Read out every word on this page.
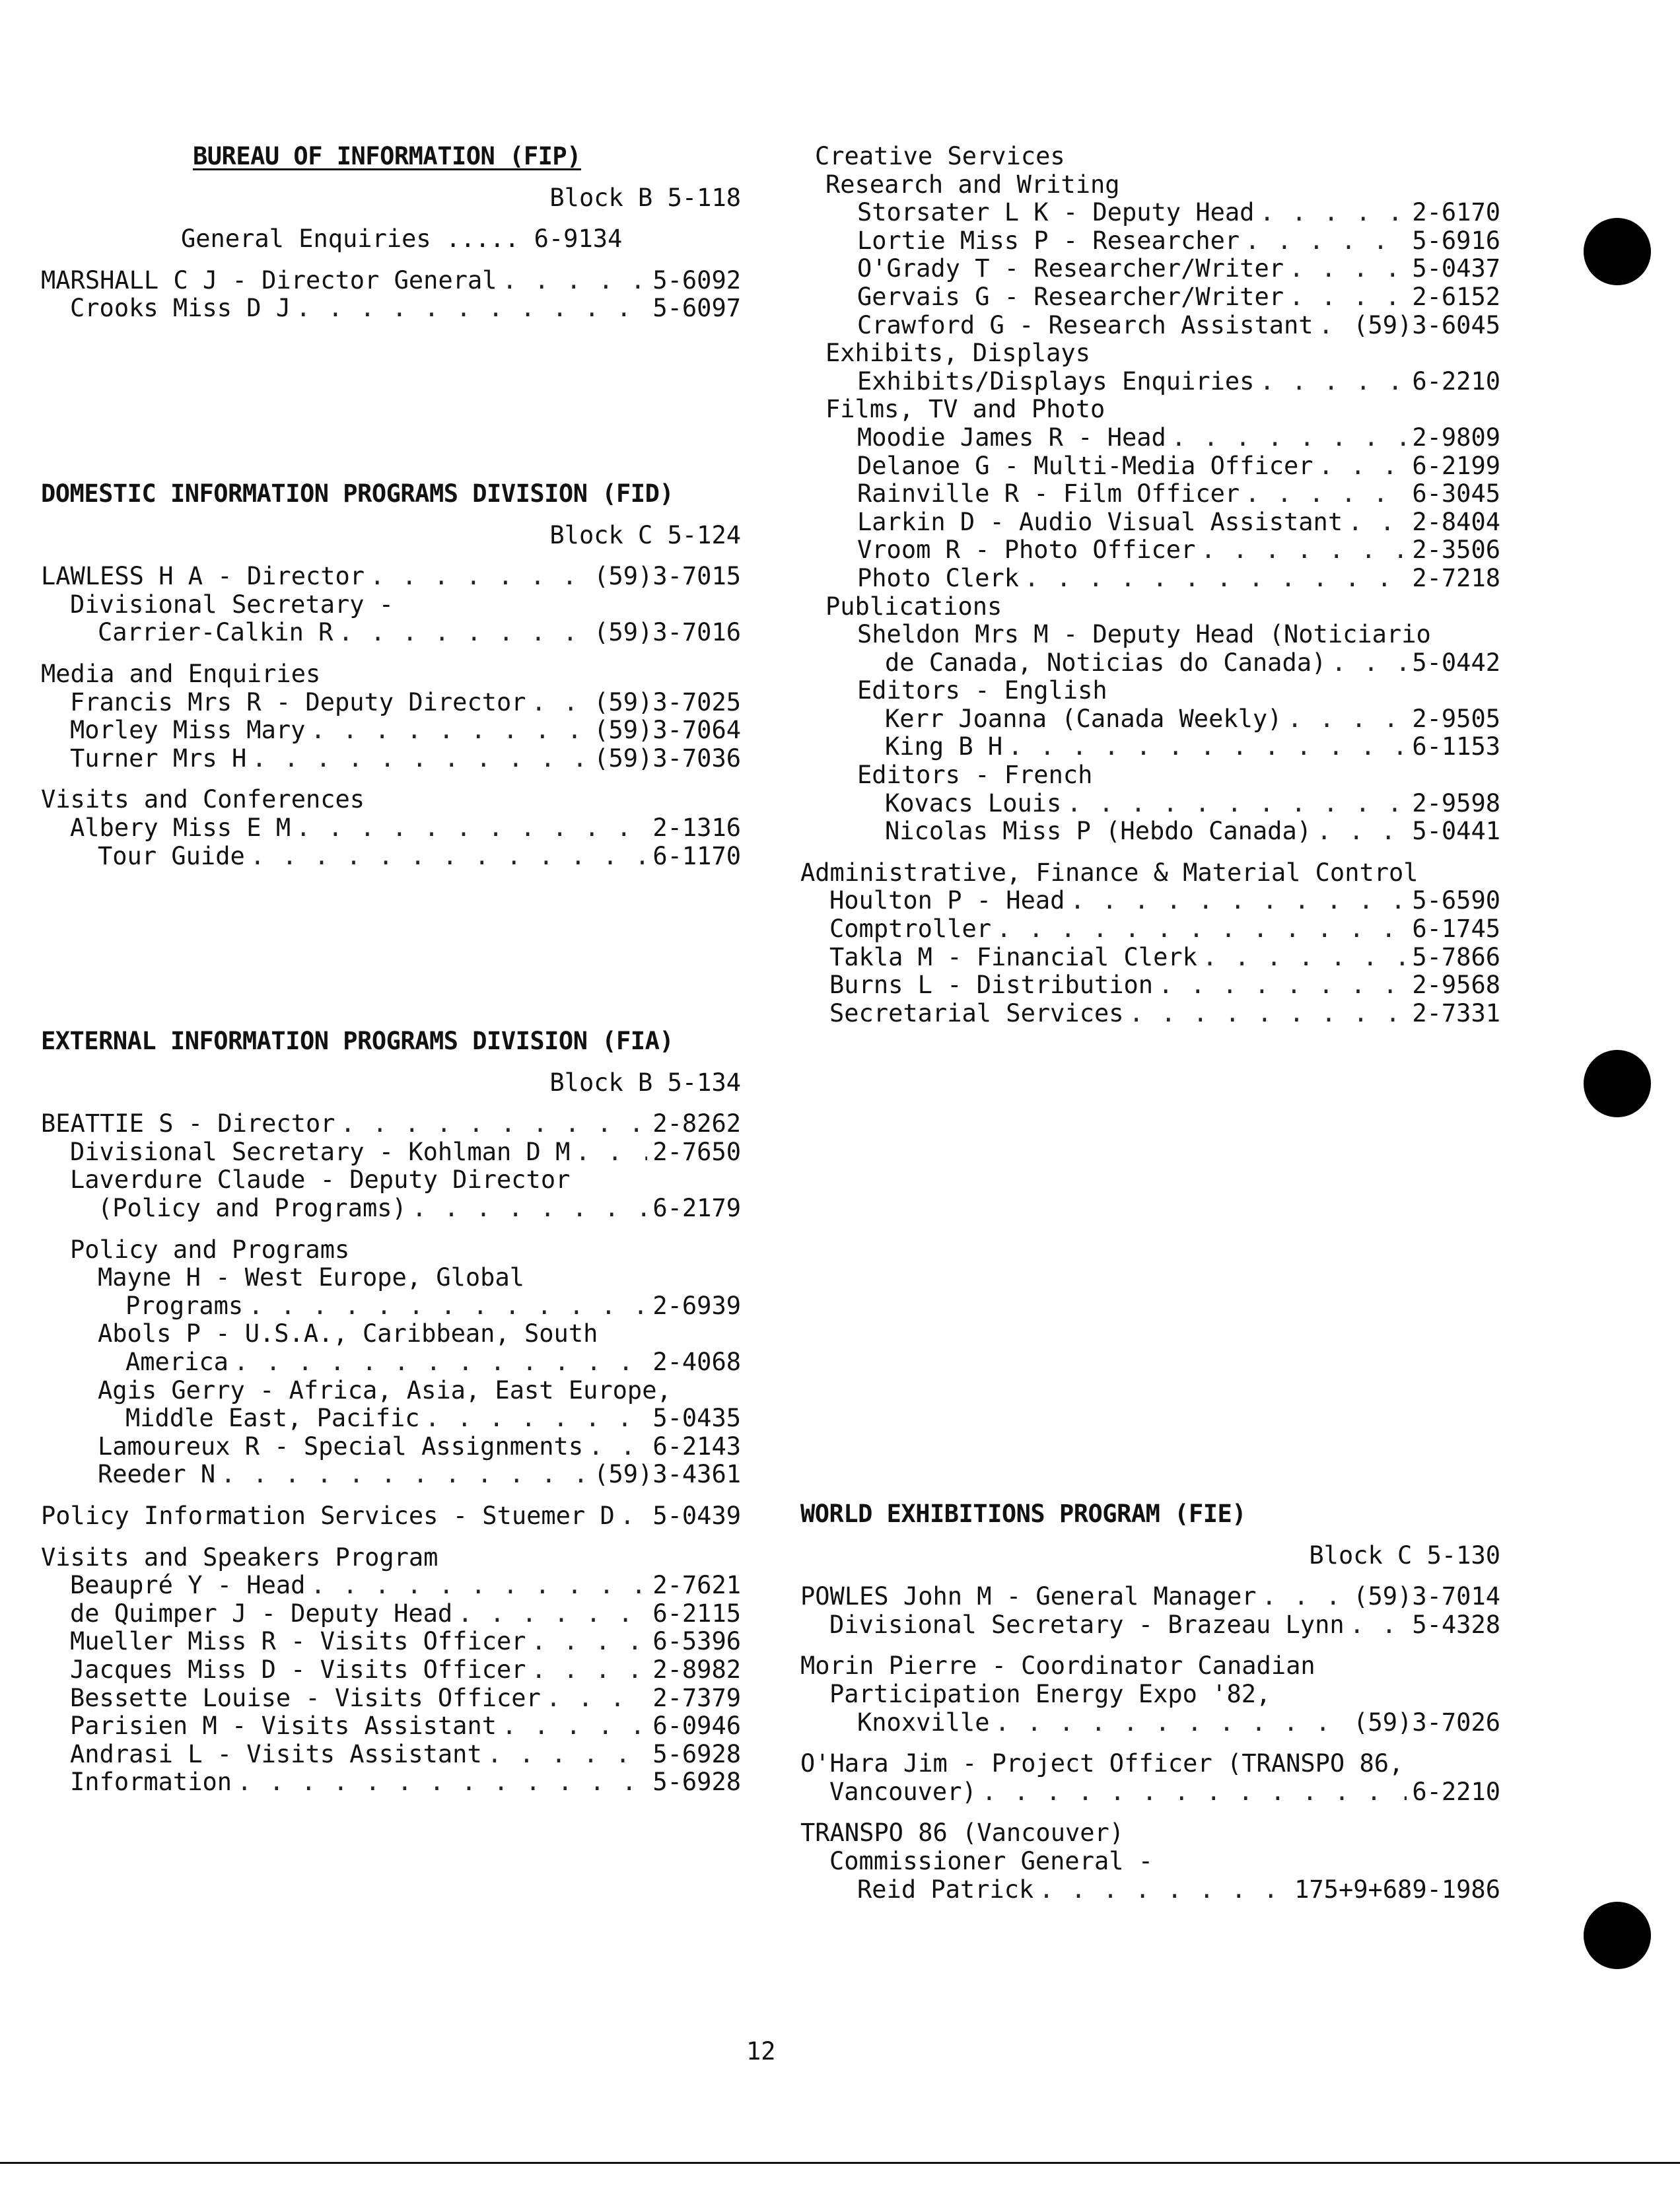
BUREAU OF INFORMATION (FIP)
Block B 5-118
General Enquiries ..... 6-9134
MARSHALL C J - Director General . . .	5-6092
Crooks Miss D J . . .	5-6097
DOMESTIC INFORMATION PROGRAMS DIVISION (FID)
Block C 5-124
LAWLESS H A - Director . . .	(59)3-7015
Divisional Secretary -
Carrier-Calkin R . . .	(59)3-7016
Media and Enquiries
Francis Mrs R - Deputy Director . . .	(59)3-7025
Morley Miss Mary . . .	(59)3-7064
Turner Mrs H . . .	(59)3-7036
Visits and Conferences
Albery Miss E M . . .	2-1316
Tour Guide . . .	6-1170
EXTERNAL INFORMATION PROGRAMS DIVISION (FIA)
Block B 5-134
BEATTIE S - Director . . .	2-8262
Divisional Secretary - Kohlman D M . . .	2-7650
Laverdure Claude - Deputy Director
(Policy and Programs) . . .	6-2179
Policy and Programs
Mayne H - West Europe, Global
Programs . . .	2-6939
Abols P - U.S.A., Caribbean, South
America . . .	2-4068
Agis Gerry - Africa, Asia, East Europe,
Middle East, Pacific . . .	5-0435
Lamoureux R - Special Assignments . . .	6-2143
Reeder N . . .	(59)3-4361
Policy Information Services - Stuemer D . . . 5-0439
Visits and Speakers Program
Beaupré Y - Head . . .	2-7621
de Quimper J - Deputy Head . . .	6-2115
Mueller Miss R - Visits Officer . . .	6-5396
Jacques Miss D - Visits Officer . . .	2-8982
Bessette Louise - Visits Officer . . .	2-7379
Parisien M - Visits Assistant . . .	6-0946
Andrasi L - Visits Assistant . . .	5-6928
Information . . .	5-6928
Creative Services
Research and Writing
Storsater L K - Deputy Head . . .	2-6170
Lortie Miss P - Researcher . . .	5-6916
O'Grady T - Researcher/Writer . . .	5-0437
Gervais G - Researcher/Writer . . .	2-6152
Crawford G - Research Assistant . . . (59)3-6045
Exhibits, Displays
Exhibits/Displays Enquiries . . .	6-2210
Films, TV and Photo
Moodie James R - Head . . .	2-9809
Delanoe G - Multi-Media Officer . . .	6-2199
Rainville R - Film Officer . . .	6-3045
Larkin D - Audio Visual Assistant . . .	2-8404
Vroom R - Photo Officer . . .	2-3506
Photo Clerk . . .	2-7218
Publications
Sheldon Mrs M - Deputy Head (Noticiario
de Canada, Noticias do Canada) . . .	5-0442
Editors - English
Kerr Joanna (Canada Weekly) . . .	2-9505
King B H . . .	6-1153
Editors - French
Kovacs Louis . . .	2-9598
Nicolas Miss P (Hebdo Canada) . . .	5-0441
Administrative, Finance & Material Control
Houlton P - Head . . .	5-6590
Comptroller . . .	6-1745
Takla M - Financial Clerk . . .	5-7866
Burns L - Distribution . . .	2-9568
Secretarial Services . . .	2-7331
WORLD EXHIBITIONS PROGRAM (FIE)
Block C 5-130
POWLES John M - General Manager . . .	(59)3-7014
Divisional Secretary - Brazeau Lynn . . .	5-4328
Morin Pierre - Coordinator Canadian
Participation Energy Expo '82,
Knoxville . . .	(59)3-7026
O'Hara Jim - Project Officer (TRANSPO 86,
Vancouver) . . .	6-2210
TRANSPO 86 (Vancouver)
Commissioner General -
Reid Patrick . . .	175+9+689-1986
12
